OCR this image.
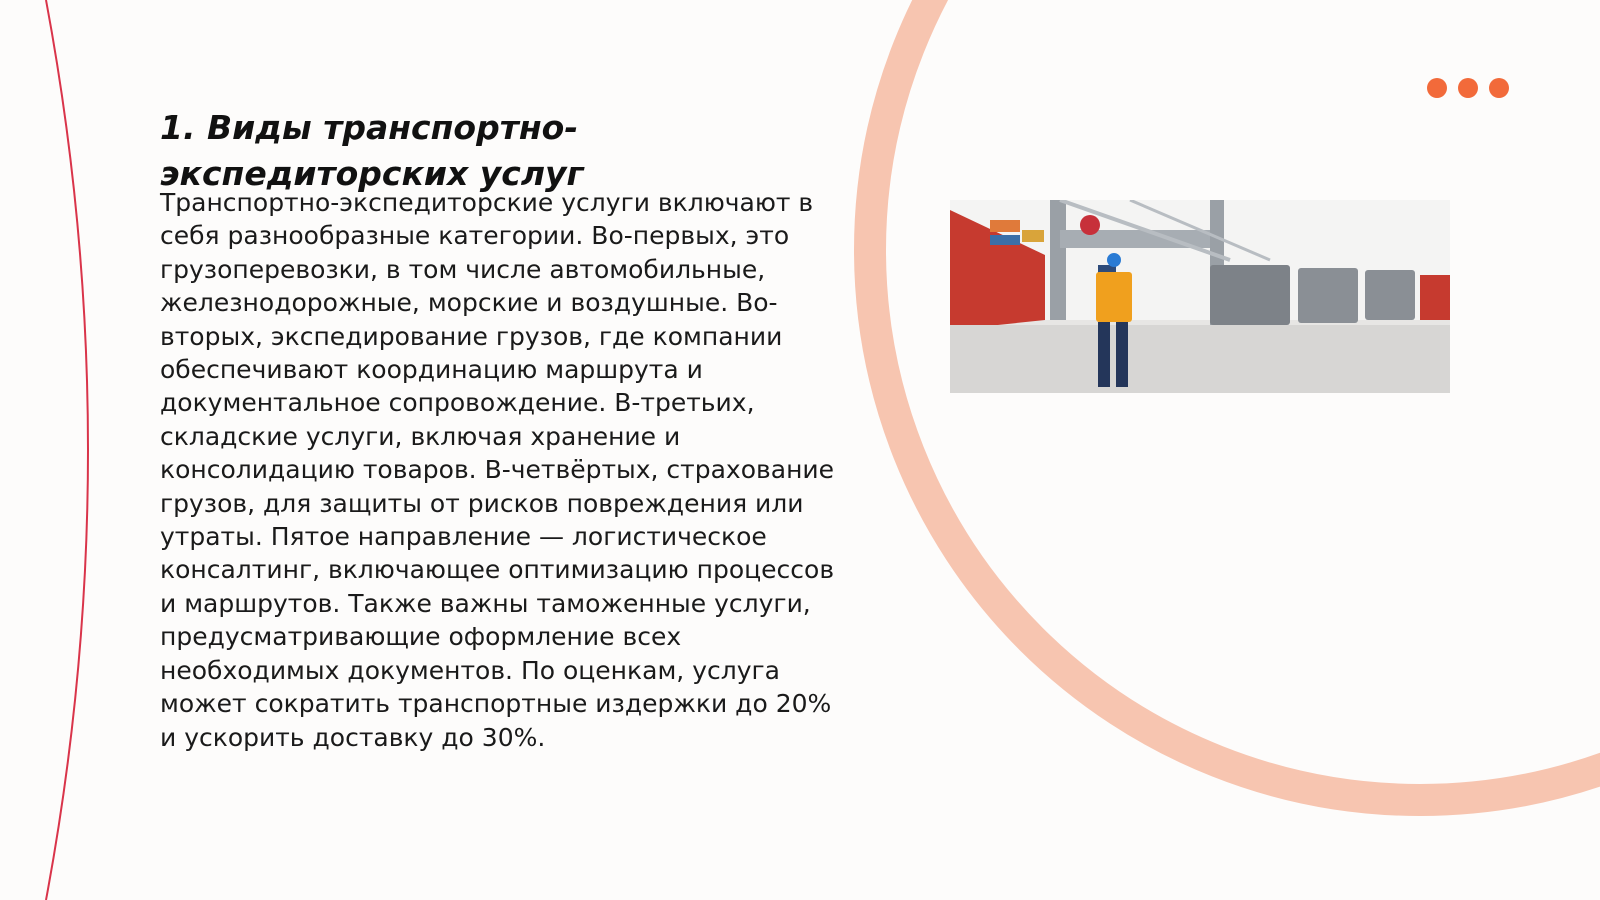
1. Виды транспортно-экспедиторских услуг

Транспортно-экспедиторские услуги включают в себя разнообразные категории. Во-первых, это грузоперевозки, в том числе автомобильные, железнодорожные, морские и воздушные. Во-вторых, экспедирование грузов, где компании обеспечивают координацию маршрута и документальное сопровождение. В-третьих, складские услуги, включая хранение и консолидацию товаров. В-четвёртых, страхование грузов, для защиты от рисков повреждения или утраты. Пятое направление — логистическое консалтинг, включающее оптимизацию процессов и маршрутов. Также важны таможенные услуги, предусматривающие оформление всех необходимых документов. По оценкам, услуга может сократить транспортные издержки до 20% и ускорить доставку до 30%.
